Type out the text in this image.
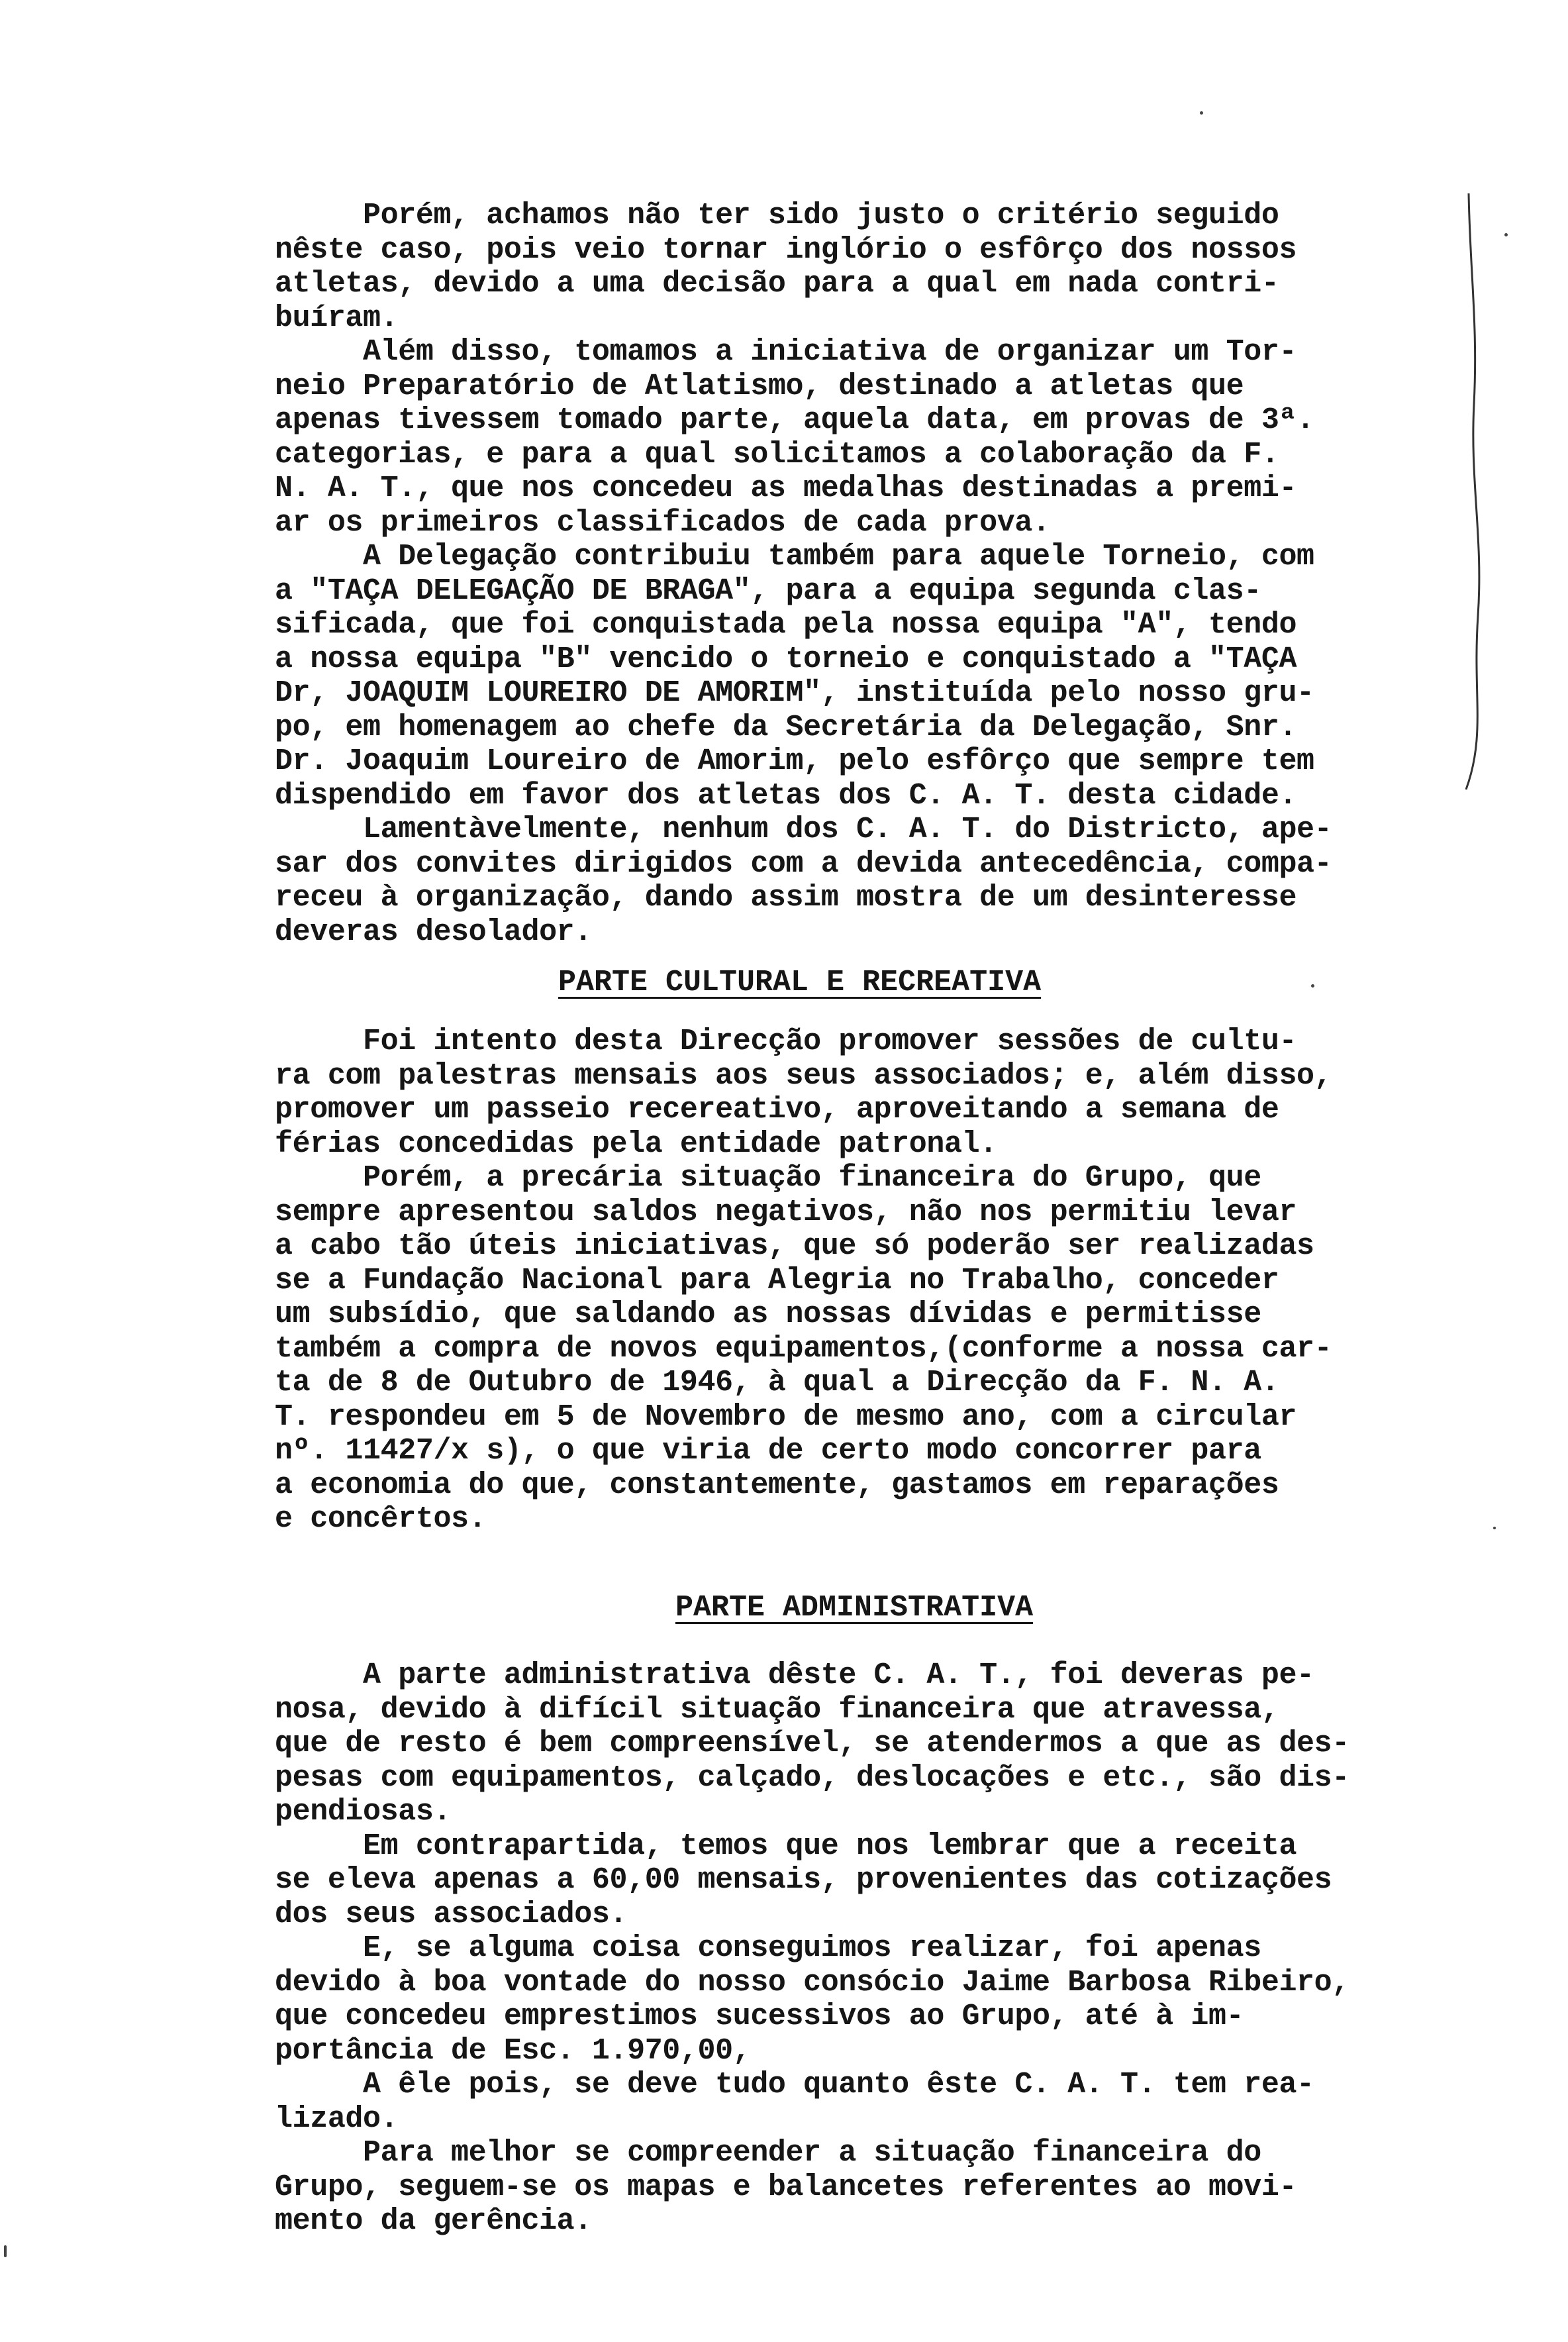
Porém, achamos não ter sido justo o critério seguido
nêste caso, pois veio tornar inglório o esfôrço dos nossos
atletas, devido a uma decisão para a qual em nada contri-
buíram.
Além disso, tomamos a iniciativa de organizar um Tor-
neio Preparatório de Atlatismo, destinado a atletas que
apenas tivessem tomado parte, aquela data, em provas de 3ª.
categorias, e para a qual solicitamos a colaboração da F.
N. A. T., que nos concedeu as medalhas destinadas a premi-
ar os primeiros classificados de cada prova.
A Delegação contribuiu também para aquele Torneio, com
a "TAÇA DELEGAÇÃO DE BRAGA", para a equipa segunda clas-
sificada, que foi conquistada pela nossa equipa "A", tendo
a nossa equipa "B" vencido o torneio e conquistado a "TAÇA
Dr, JOAQUIM LOUREIRO DE AMORIM", instituída pelo nosso gru-
po, em homenagem ao chefe da Secretária da Delegação, Snr.
Dr. Joaquim Loureiro de Amorim, pelo esfôrço que sempre tem
dispendido em favor dos atletas dos C. A. T. desta cidade.
Lamentàvelmente, nenhum dos C. A. T. do Districto, ape-
sar dos convites dirigidos com a devida antecedência, compa-
receu à organização, dando assim mostra de um desinteresse
deveras desolador.
PARTE CULTURAL E RECREATIVA
Foi intento desta Direcção promover sessões de cultu-
ra com palestras mensais aos seus associados; e, além disso,
promover um passeio recereativo, aproveitando a semana de
férias concedidas pela entidade patronal.
Porém, a precária situação financeira do Grupo, que
sempre apresentou saldos negativos, não nos permitiu levar
a cabo tão úteis iniciativas, que só poderão ser realizadas
se a Fundação Nacional para Alegria no Trabalho, conceder
um subsídio, que saldando as nossas dívidas e permitisse
também a compra de novos equipamentos,(conforme a nossa car-
ta de 8 de Outubro de 1946, à qual a Direcção da F. N. A.
T. respondeu em 5 de Novembro de mesmo ano, com a circular
nº. 11427/x s), o que viria de certo modo concorrer para
a economia do que, constantemente, gastamos em reparações
e concêrtos.
PARTE ADMINISTRATIVA
A parte administrativa dêste C. A. T., foi deveras pe-
nosa, devido à difícil situação financeira que atravessa,
que de resto é bem compreensível, se atendermos a que as des-
pesas com equipamentos, calçado, deslocações e etc., são dis-
pendiosas.
Em contrapartida, temos que nos lembrar que a receita
se eleva apenas a 60,00 mensais, provenientes das cotizações
dos seus associados.
E, se alguma coisa conseguimos realizar, foi apenas
devido à boa vontade do nosso consócio Jaime Barbosa Ribeiro,
que concedeu emprestimos sucessivos ao Grupo, até à im-
portância de Esc. 1.970,00,
A êle pois, se deve tudo quanto êste C. A. T. tem rea-
lizado.
Para melhor se compreender a situação financeira do
Grupo, seguem-se os mapas e balancetes referentes ao movi-
mento da gerência.
